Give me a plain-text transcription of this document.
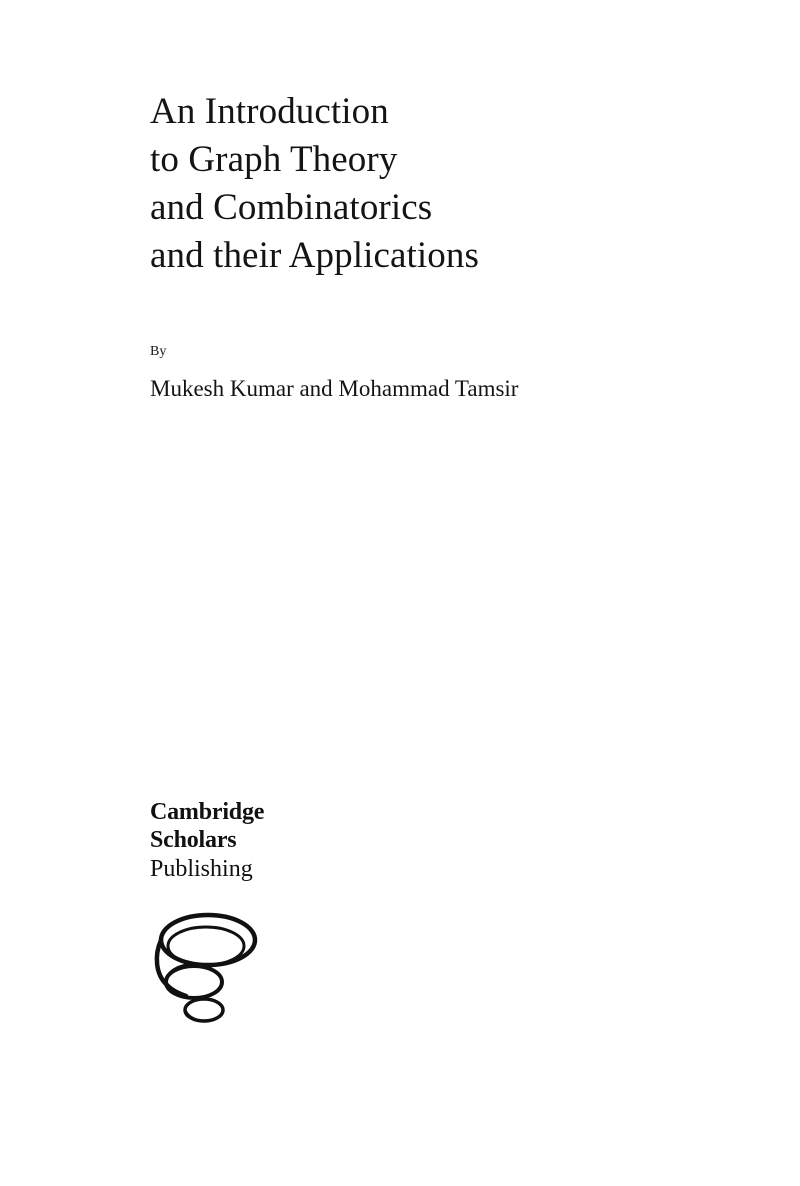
An Introduction
to Graph Theory
and Combinatorics
and their Applications
By
Mukesh Kumar and Mohammad Tamsir
Cambridge
Scholars
Publishing
